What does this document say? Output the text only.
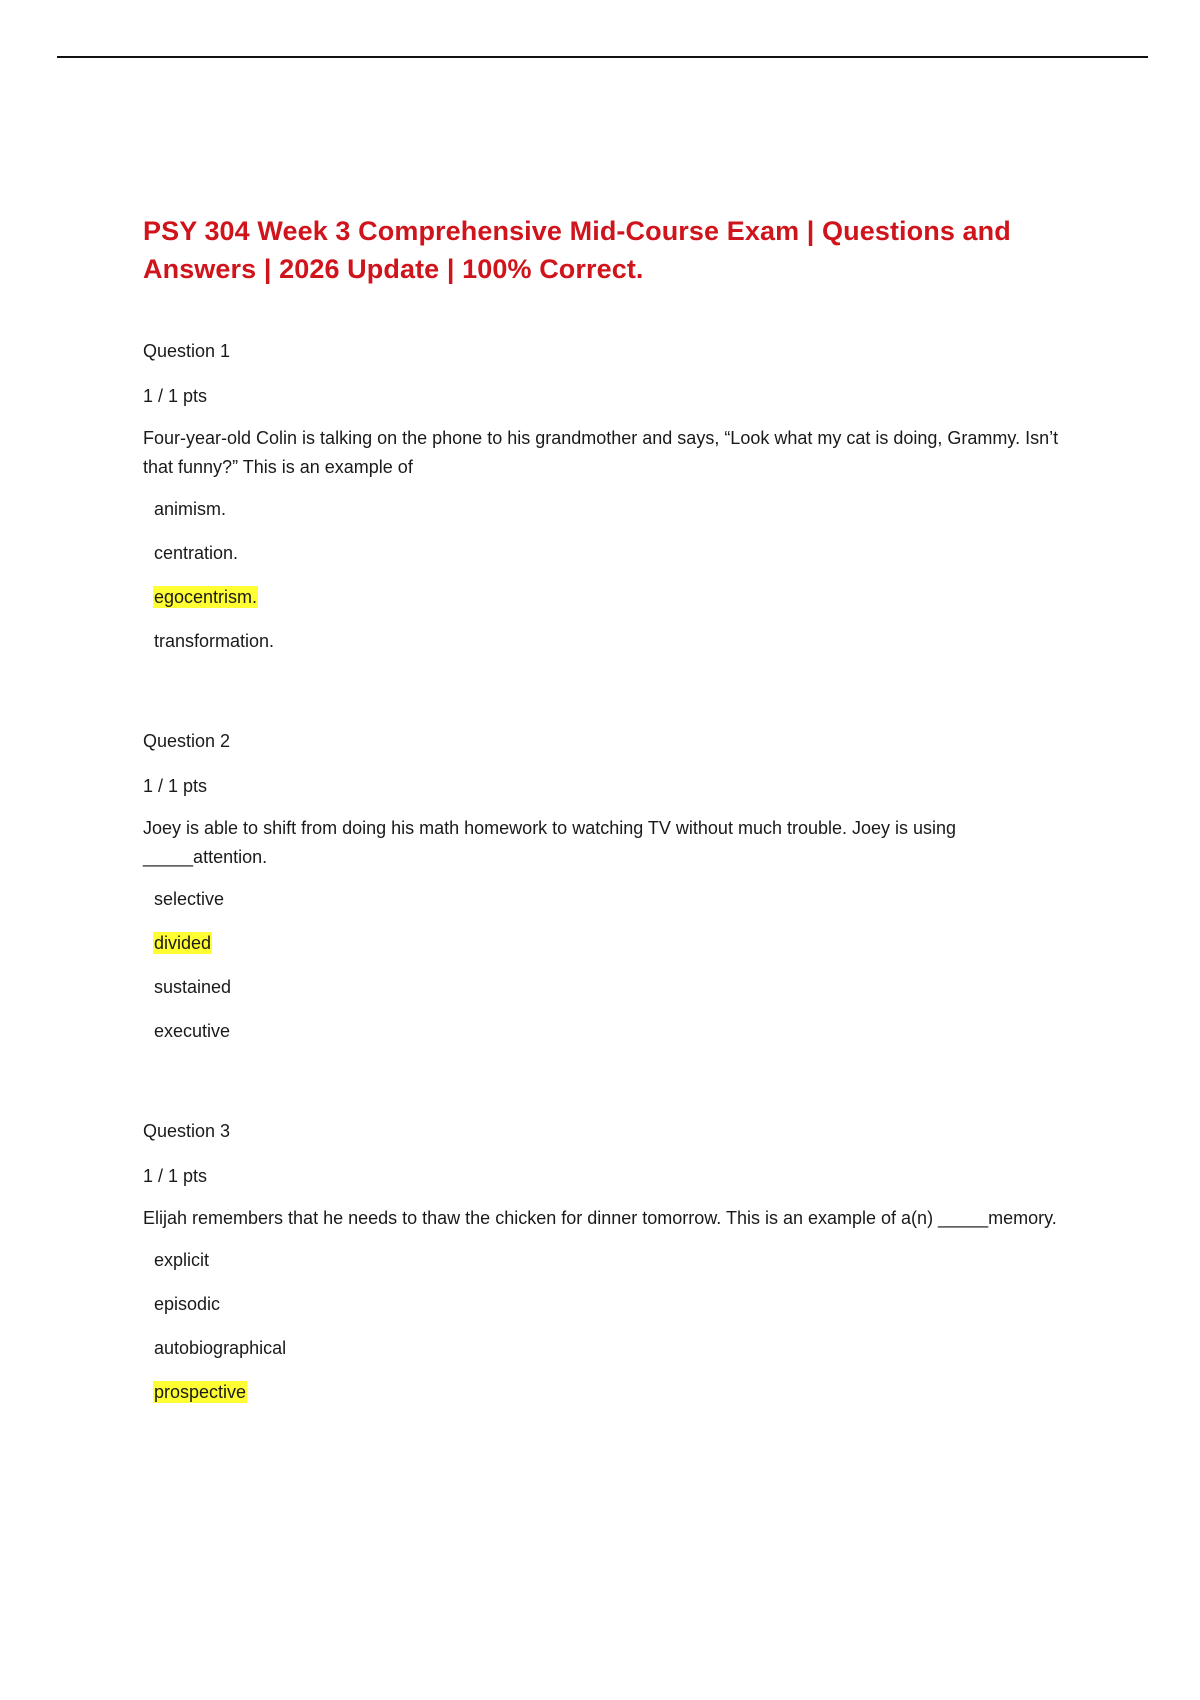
PSY 304 Week 3 Comprehensive Mid-Course Exam | Questions and Answers | 2026 Update | 100% Correct.
Question 1
1 / 1 pts
Four-year-old Colin is talking on the phone to his grandmother and says, “Look what my cat is doing, Grammy. Isn’t that funny?” This is an example of
animism.
centration.
egocentrism.
transformation.
Question 2
1 / 1 pts
Joey is able to shift from doing his math homework to watching TV without much trouble. Joey is using _____attention.
selective
divided
sustained
executive
Question 3
1 / 1 pts
Elijah remembers that he needs to thaw the chicken for dinner tomorrow. This is an example of a(n) _____memory.
explicit
episodic
autobiographical
prospective
